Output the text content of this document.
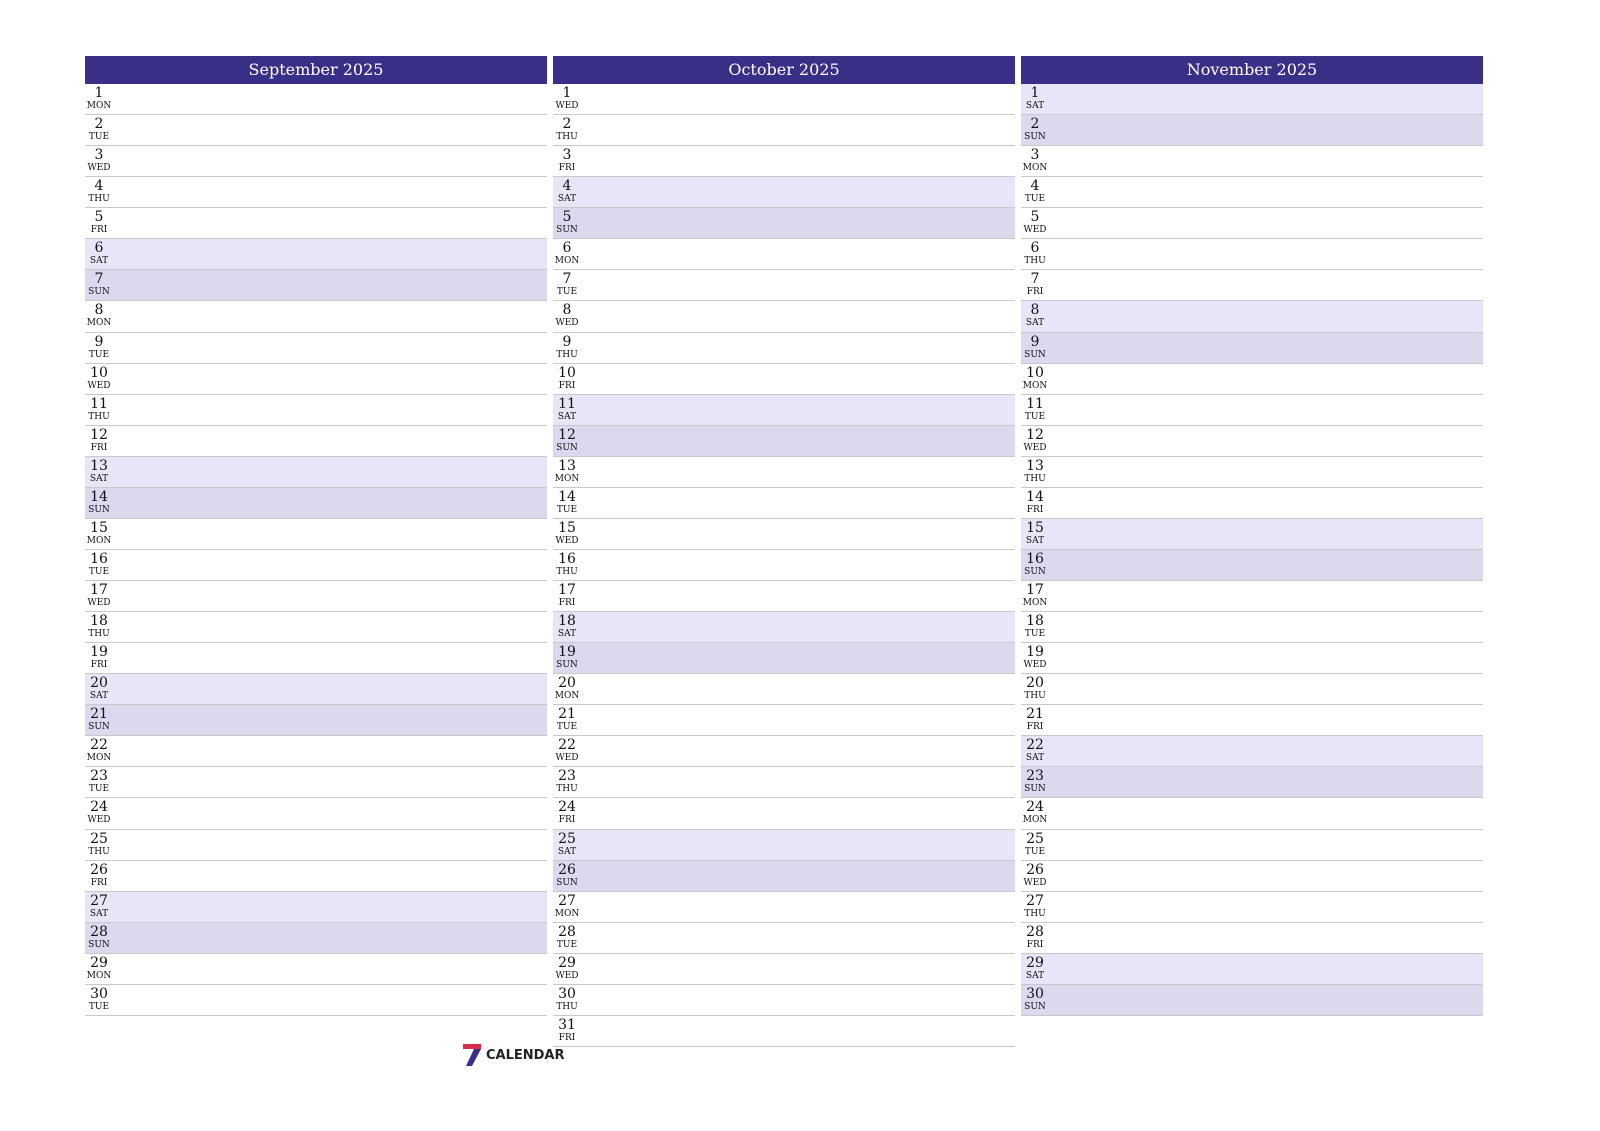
September 2025
1
MON
2
TUE
3
WED
4
THU
5
FRI
6
SAT
7
SUN
8
MON
9
TUE
10
WED
11
THU
12
FRI
13
SAT
14
SUN
15
MON
16
TUE
17
WED
18
THU
19
FRI
20
SAT
21
SUN
22
MON
23
TUE
24
WED
25
THU
26
FRI
27
SAT
28
SUN
29
MON
30
TUE
October 2025
1
WED
2
THU
3
FRI
4
SAT
5
SUN
6
MON
7
TUE
8
WED
9
THU
10
FRI
11
SAT
12
SUN
13
MON
14
TUE
15
WED
16
THU
17
FRI
18
SAT
19
SUN
20
MON
21
TUE
22
WED
23
THU
24
FRI
25
SAT
26
SUN
27
MON
28
TUE
29
WED
30
THU
31
FRI
November 2025
1
SAT
2
SUN
3
MON
4
TUE
5
WED
6
THU
7
FRI
8
SAT
9
SUN
10
MON
11
TUE
12
WED
13
THU
14
FRI
15
SAT
16
SUN
17
MON
18
TUE
19
WED
20
THU
21
FRI
22
SAT
23
SUN
24
MON
25
TUE
26
WED
27
THU
28
FRI
29
SAT
30
SUN
CALENDAR
